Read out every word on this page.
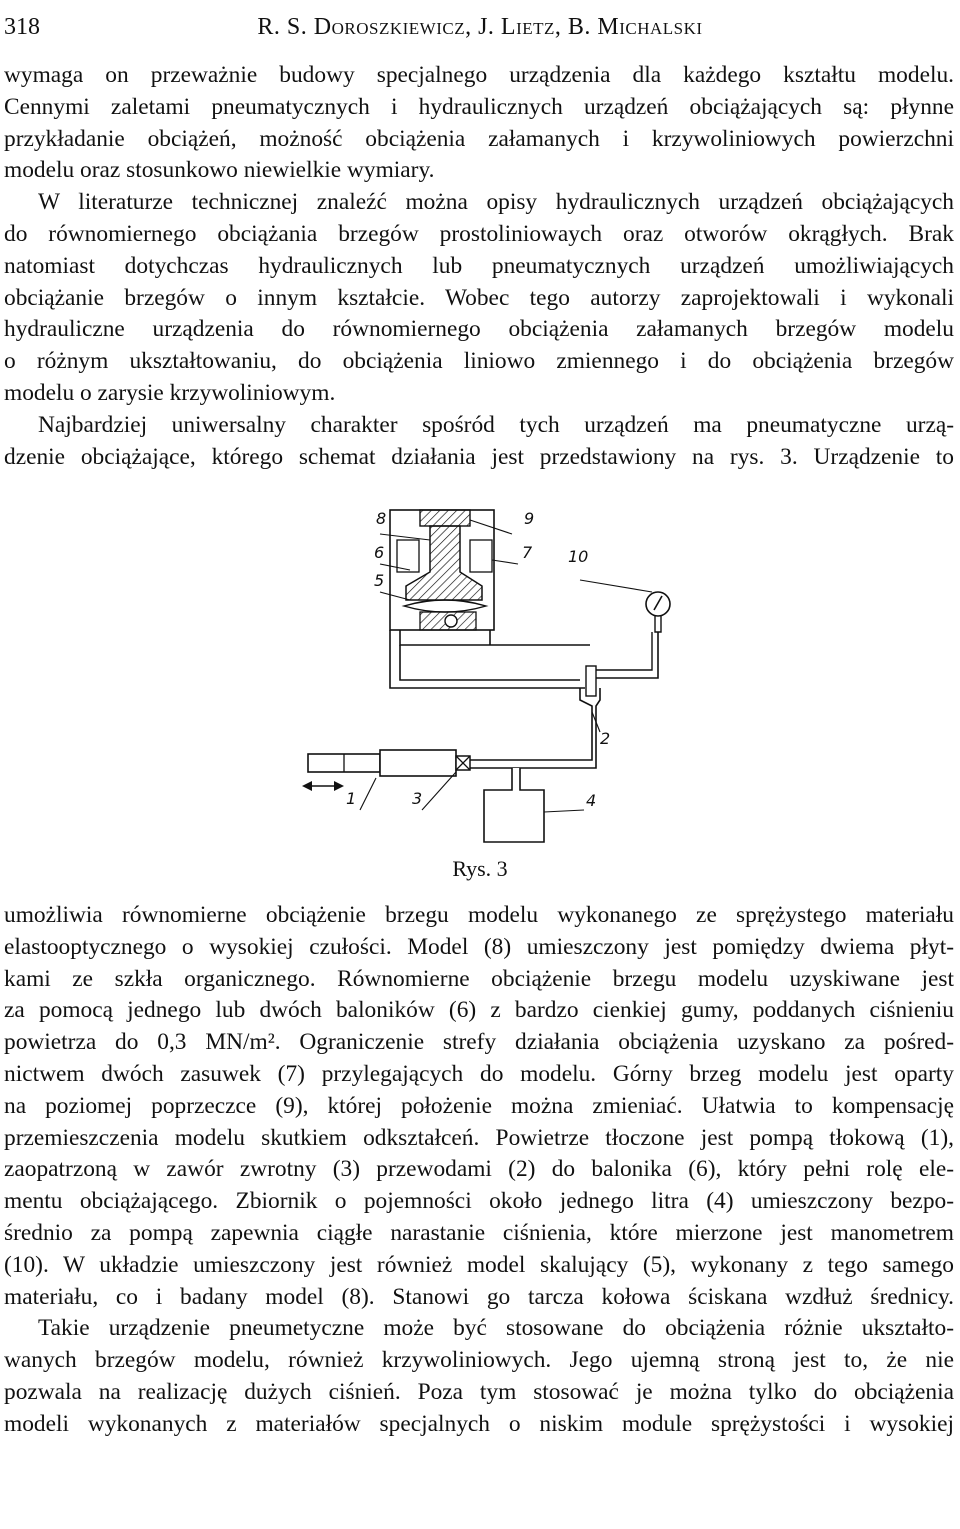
318	R. S. Doroszkiewicz, J. Lietz, B. Michalski
wymaga on przeważnie budowy specjalnego urządzenia dla każdego kształtu modelu.
Cennymi zaletami pneumatycznych i hydraulicznych urządzeń obciążających są: płynne
przykładanie obciążeń, możność obciążenia załamanych i krzywoliniowych powierzchni
modelu oraz stosunkowo niewielkie wymiary.
W literaturze technicznej znaleźć można opisy hydraulicznych urządzeń obciążających
do równomiernego obciążania brzegów prostoliniowaych oraz otworów okrągłych. Brak
natomiast dotychczas hydraulicznych lub pneumatycznych urządzeń umożliwiających
obciążanie brzegów o innym kształcie. Wobec tego autorzy zaprojektowali i wykonali
hydrauliczne urządzenia do równomiernego obciążenia załamanych brzegów modelu
o różnym ukształtowaniu, do obciążenia liniowo zmiennego i do obciążenia brzegów
modelu o zarysie krzywoliniowym.
Najbardziej uniwersalny charakter spośród tych urządzeń ma pneumatyczne urzą-
dzenie obciążające, którego schemat działania jest przedstawiony na rys. 3. Urządzenie to
8	9
6	7 10
5
2
1	3	4
Rys. 3
umożliwia równomierne obciążenie brzegu modelu wykonanego ze sprężystego materiału
elastooptycznego o wysokiej czułości. Model (8) umieszczony jest pomiędzy dwiema płyt-
kami ze szkła organicznego. Równomierne obciążenie brzegu modelu uzyskiwane jest
za pomocą jednego lub dwóch baloników (6) z bardzo cienkiej gumy, poddanych ciśnieniu
powietrza do 0,3 MN/m². Ograniczenie strefy działania obciążenia uzyskano za pośred-
nictwem dwóch zasuwek (7) przylegających do modelu. Górny brzeg modelu jest oparty
na poziomej poprzeczce (9), której położenie można zmieniać. Ułatwia to kompensację
przemieszczenia modelu skutkiem odkształceń. Powietrze tłoczone jest pompą tłokową (1),
zaopatrzoną w zawór zwrotny (3) przewodami (2) do balonika (6), który pełni rolę ele-
mentu obciążającego. Zbiornik o pojemności około jednego litra (4) umieszczony bezpo-
średnio za pompą zapewnia ciągłe narastanie ciśnienia, które mierzone jest manometrem
(10). W układzie umieszczony jest również model skalujący (5), wykonany z tego samego
materiału, co i badany model (8). Stanowi go tarcza kołowa ściskana wzdłuż średnicy.
Takie urządzenie pneumetyczne może być stosowane do obciążenia różnie ukształto-
wanych brzegów modelu, również krzywoliniowych. Jego ujemną stroną jest to, że nie
pozwala na realizację dużych ciśnień. Poza tym stosować je można tylko do obciążenia
modeli wykonanych z materiałów specjalnych o niskim module sprężystości i wysokiej
